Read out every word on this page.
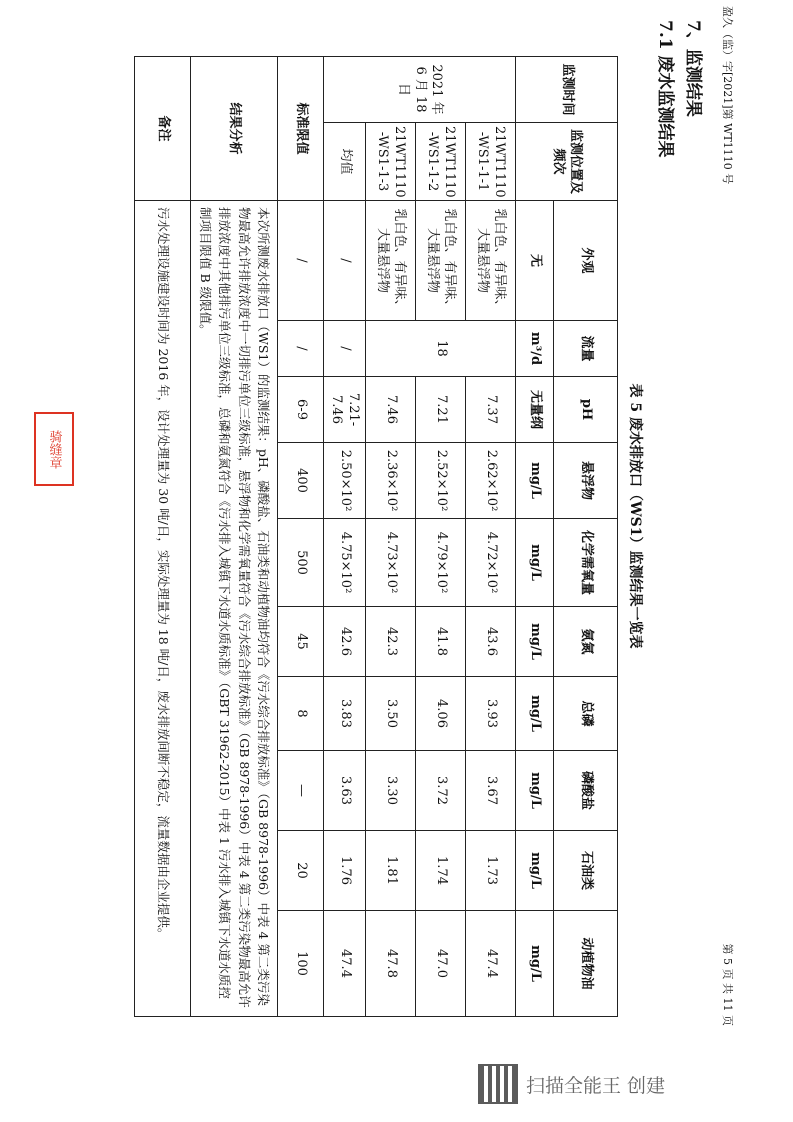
盈久（监）字[2021]第 WT1110 号
第 5 页 共 11 页
7、监测结果
7.1 废水监测结果
表 5 废水排放口（WS1）监测结果一览表
监测时间	监测位置及频次	外观	流量	pH	悬浮物	化学需氧量	氨氮	总磷	磷酸盐	石油类	动植物油
		无	m³/d	无量纲	mg/L	mg/L	mg/L	mg/L	mg/L	mg/L	mg/L
2021 年 6 月 18 日	21WT1110 -WS1-1-1	乳白色、有异味、大量悬浮物	18	7.37	2.62×10²	4.72×10²	43.6	3.93	3.67	1.73	47.4
	21WT1110 -WS1-1-2	乳白色、有异味、大量悬浮物		7.21	2.52×10²	4.79×10²	41.8	4.06	3.72	1.74	47.0
	21WT1110 -WS1-1-3	乳白色、有异味、大量悬浮物		7.46	2.36×10²	4.73×10²	42.3	3.50	3.30	1.81	47.8
	均值	/	/	7.21-7.46	2.50×10²	4.75×10²	42.6	3.83	3.63	1.76	47.4
标准限值		/	/	6-9	400	500	45	8	—	20	100
结果分析		本次所测废水排放口（WS1）的监测结果：pH、磷酸盐、石油类和动植物油均符合《污水综合排放标准》（GB 8978-1996）中表 4 第二类污染物最高允许排放浓度中一切排污单位三级标准，悬浮物和化学需氧量符合《污水综合排放标准》（GB 8978-1996）中表 4 第二类污染物最高允许排放浓度中其他排污单位三级标准，总磷和氨氮符合《污水排入城镇下水道水质标准》（GBT 31962-2015）中表 1 污水排入城镇下水道水质控制项目限值 B 级限值。									
备注		污水处理设施建设时间为 2016 年，设计处理量为 30 吨/日，实际处理量为 18 吨/日，废水排放间断不稳定，流量数据由企业提供。									
骑缝章
扫描全能王 创建
